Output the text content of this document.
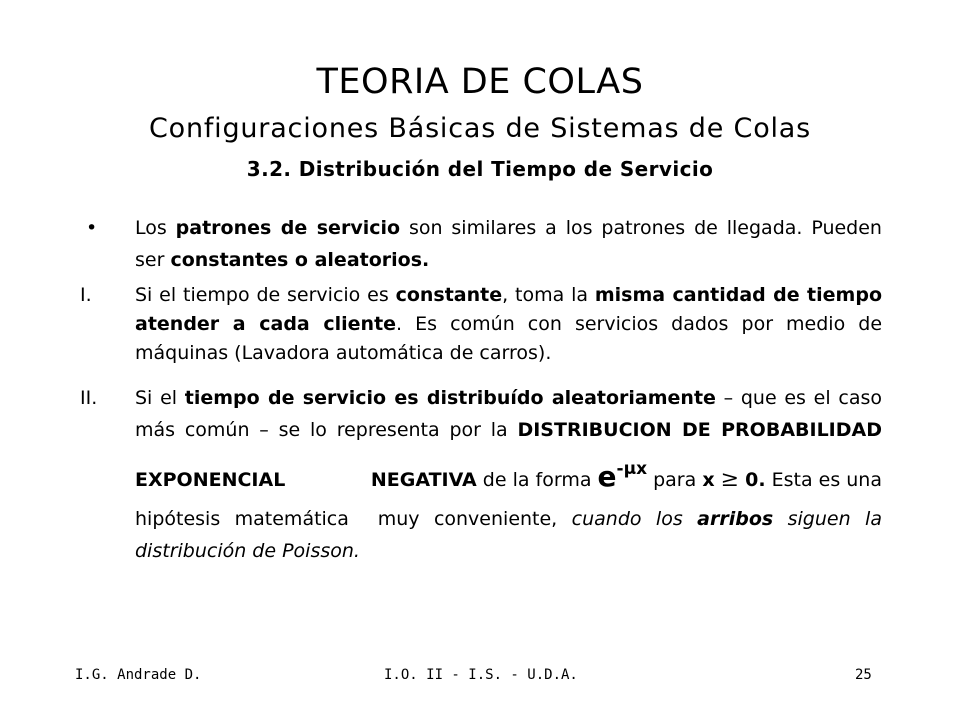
TEORIA DE COLAS
Configuraciones Básicas de Sistemas de Colas
3.2. Distribución del Tiempo de Servicio
• Los patrones de servicio son similares a los patrones de llegada. Pueden ser constantes o aleatorios.
I. Si el tiempo de servicio es constante, toma la misma cantidad de tiempo atender a cada cliente. Es común con servicios dados por medio de máquinas (Lavadora automática de carros).
II. Si el tiempo de servicio es distribuído aleatoriamente – que es el caso más común – se lo representa por la DISTRIBUCION DE PROBABILIDAD EXPONENCIAL	NEGATIVA de la forma $e^{-\mu x}$ para x ≥ 0. Esta es una hipótesis matemática  muy conveniente, cuando los arribos siguen la distribución de Poisson.
I.G. Andrade D.	I.O. II - I.S. - U.D.A.	25
